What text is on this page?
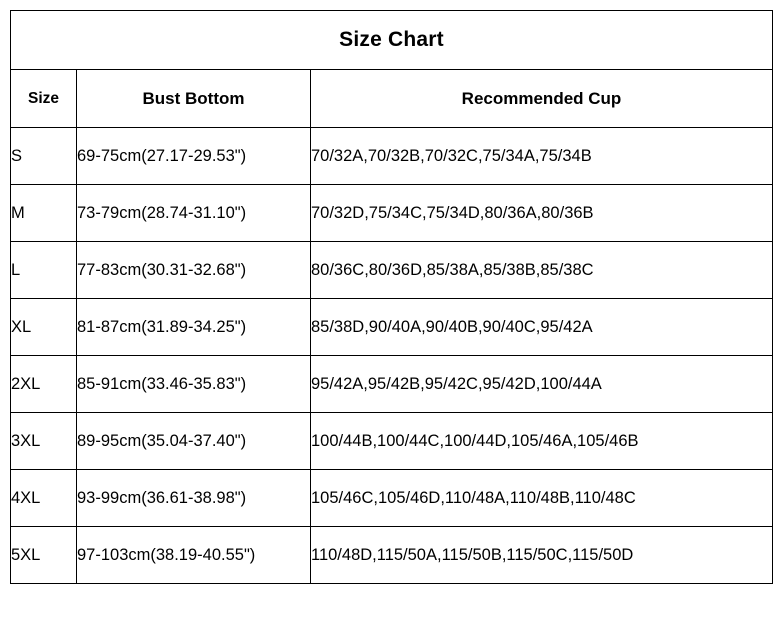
Size Chart		
Size	Bust Bottom	Recommended Cup
S	69-75cm(27.17-29.53")	70/32A,70/32B,70/32C,75/34A,75/34B
M	73-79cm(28.74-31.10")	70/32D,75/34C,75/34D,80/36A,80/36B
L	77-83cm(30.31-32.68")	80/36C,80/36D,85/38A,85/38B,85/38C
XL	81-87cm(31.89-34.25")	85/38D,90/40A,90/40B,90/40C,95/42A
2XL	85-91cm(33.46-35.83")	95/42A,95/42B,95/42C,95/42D,100/44A
3XL	89-95cm(35.04-37.40")	100/44B,100/44C,100/44D,105/46A,105/46B
4XL	93-99cm(36.61-38.98")	105/46C,105/46D,110/48A,110/48B,110/48C
5XL	97-103cm(38.19-40.55")	110/48D,115/50A,115/50B,115/50C,115/50D
